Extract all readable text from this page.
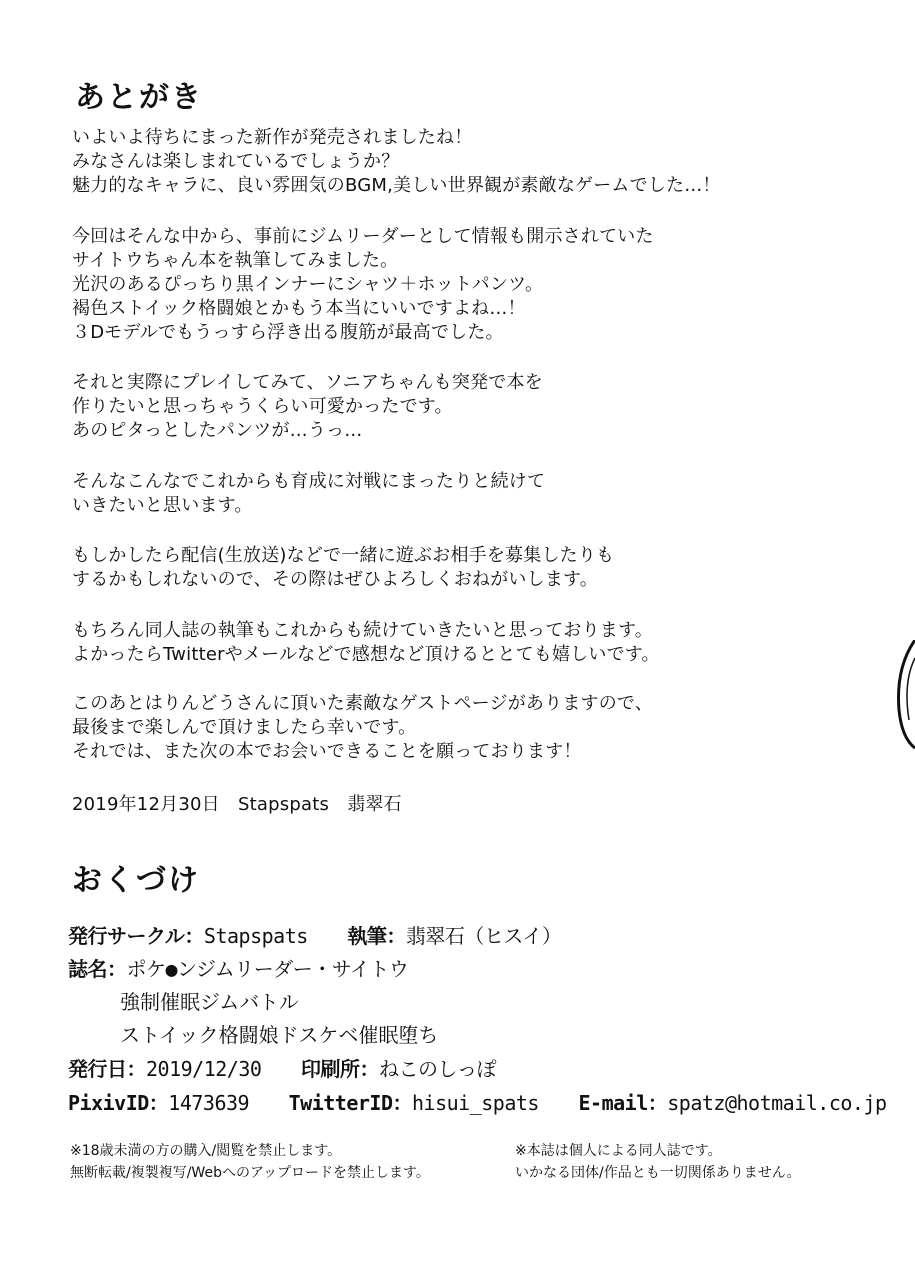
あとがき
いよいよ待ちにまった新作が発売されましたね！
みなさんは楽しまれているでしょうか？
魅力的なキャラに、良い雰囲気のBGM,美しい世界観が素敵なゲームでした…！
今回はそんな中から、事前にジムリーダーとして情報も開示されていた
サイトウちゃん本を執筆してみました。
光沢のあるぴっちり黒インナーにシャツ＋ホットパンツ。
褐色ストイック格闘娘とかもう本当にいいですよね…！
３Dモデルでもうっすら浮き出る腹筋が最高でした。
それと実際にプレイしてみて、ソニアちゃんも突発で本を
作りたいと思っちゃうくらい可愛かったです。
あのピタっとしたパンツが…うっ…
そんなこんなでこれからも育成に対戦にまったりと続けて
いきたいと思います。
もしかしたら配信(生放送)などで一緒に遊ぶお相手を募集したりも
するかもしれないので、その際はぜひよろしくおねがいします。
もちろん同人誌の執筆もこれからも続けていきたいと思っております。
よかったらTwitterやメールなどで感想など頂けるととても嬉しいです。
このあとはりんどうさんに頂いた素敵なゲストページがありますので、
最後まで楽しんで頂けましたら幸いです。
それでは、また次の本でお会いできることを願っております！
2019年12月30日　Stapspats　翡翠石
おくづけ
発行サークル：Stapspats 執筆：翡翠石（ヒスイ）
誌名：ポケ●ンジムリーダー・サイトウ
強制催眠ジムバトル
ストイック格闘娘ドスケベ催眠堕ち
発行日：2019/12/30 印刷所：ねこのしっぽ
PixivID：1473639 TwitterID：hisui_spats E-mail：spatz@hotmail.co.jp
※18歳未満の方の購入/閲覧を禁止します。
無断転載/複製複写/Webへのアップロードを禁止します。
※本誌は個人による同人誌です。
いかなる団体/作品とも一切関係ありません。
